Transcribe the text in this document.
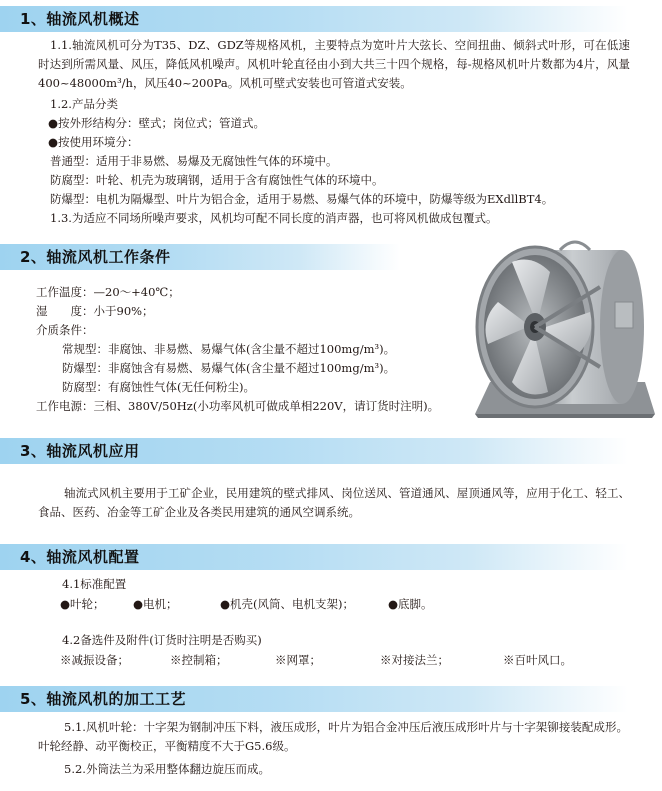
1、轴流风机概述
1.1.轴流风机可分为T35、DZ、GDZ等规格风机，主要特点为宽叶片大弦长、空间扭曲、倾斜式叶形，可在低速时达到所需风量、风压，降低风机噪声。风机叶轮直径由小到大共三十四个规格，每-规格风机叶片数都为4片，风量400~48000m³/h，风压40~200Pa。风机可壁式安装也可管道式安装。
1.2.产品分类
●按外形结构分：壁式；岗位式；管道式。
●按使用环境分：
普通型：适用于非易燃、易爆及无腐蚀性气体的环境中。
防腐型：叶轮、机壳为玻璃钢，适用于含有腐蚀性气体的环境中。
防爆型：电机为隔爆型、叶片为铝合金，适用于易燃、易爆气体的环境中，防爆等级为EXdllBT4。
1.3.为适应不同场所噪声要求，风机均可配不同长度的消声器，也可将风机做成包覆式。
2、轴流风机工作条件
工作温度：—20～+40℃；
湿　　度：小于90%；
介质条件：
常规型：非腐蚀、非易燃、易爆气体(含尘量不超过100mg/m³)。
防爆型：非腐蚀含有易燃、易爆气体(含尘量不超过100mg/m³)。
防腐型：有腐蚀性气体(无任何粉尘)。
工作电源：三相、380V/50Hz(小功率风机可做成单相220V，请订货时注明)。
3、轴流风机应用
轴流式风机主要用于工矿企业，民用建筑的壁式排风、岗位送风、管道通风、屋顶通风等，应用于化工、轻工、食品、医药、冶金等工矿企业及各类民用建筑的通风空调系统。
4、轴流风机配置
4.1标准配置
●叶轮； ●电机；	●机壳(风筒、电机支架)；	●底脚。
4.2备选件及附件(订货时注明是否购买)
※减振设备；	※控制箱；	※网罩；	※对接法兰；	※百叶风口。
5、轴流风机的加工工艺
5.1.风机叶轮：十字架为钢制冲压下料，液压成形，叶片为铝合金冲压后液压成形叶片与十字架铆接装配成形。叶轮经静、动平衡校正，平衡精度不大于G5.6级。
5.2.外筒法兰为采用整体翻边旋压而成。
